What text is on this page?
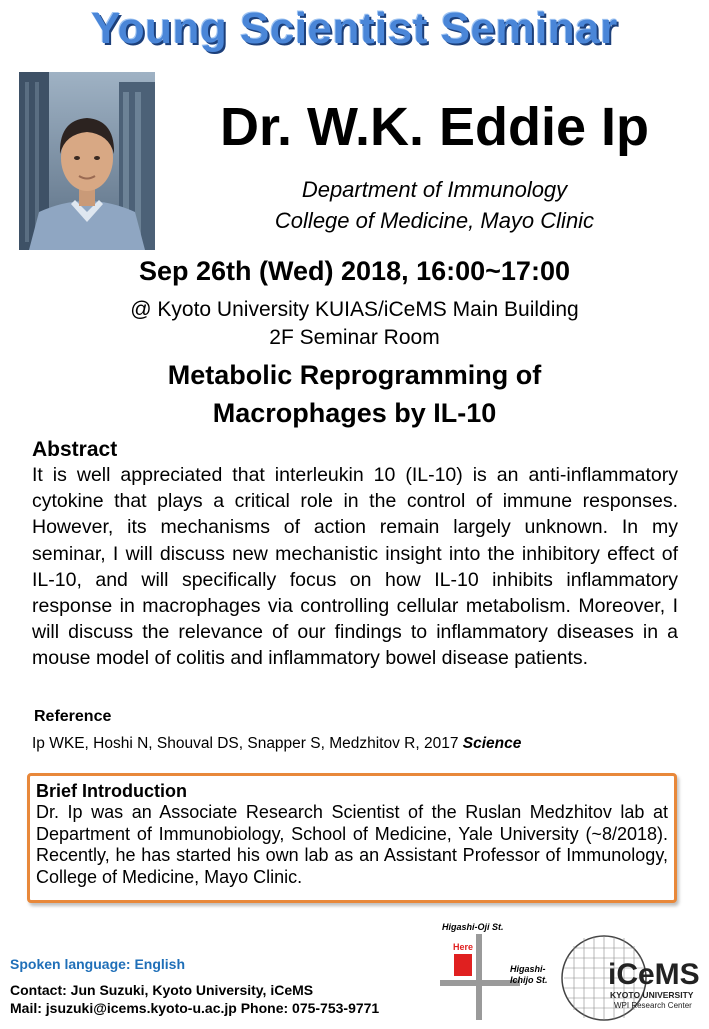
Young Scientist Seminar
Dr. W.K. Eddie Ip
Department of Immunology
College of Medicine, Mayo Clinic
Sep 26th (Wed) 2018, 16:00~17:00
@ Kyoto University KUIAS/iCeMS Main Building
2F Seminar Room
Metabolic Reprogramming of
Macrophages by IL-10
Abstract
It is well appreciated that interleukin 10 (IL-10) is an anti-inflammatory cytokine that plays a critical role in the control of immune responses. However, its mechanisms of action remain largely unknown. In my seminar, I will discuss new mechanistic insight into the inhibitory effect of IL-10, and will specifically focus on how IL-10 inhibits inflammatory response in macrophages via controlling cellular metabolism. Moreover, I will discuss the relevance of our findings to inflammatory diseases in a mouse model of colitis and inflammatory bowel disease patients.
Reference
Ip WKE, Hoshi N, Shouval DS, Snapper S, Medzhitov R, 2017 Science
Brief Introduction
Dr. Ip was an Associate Research Scientist of the Ruslan Medzhitov lab at Department of Immunobiology, School of Medicine, Yale University (~8/2018). Recently, he has started his own lab as an Assistant Professor of Immunology, College of Medicine, Mayo Clinic.
Spoken language: English
Contact: Jun Suzuki, Kyoto University, iCeMS
Mail: jsuzuki@icems.kyoto-u.ac.jp Phone: 075-753-9771
Higashi-Oji St.
Here
Higashi-
Ichijo St. iCeMS
KYOTO UNIVERSITY
WPI Research Center
